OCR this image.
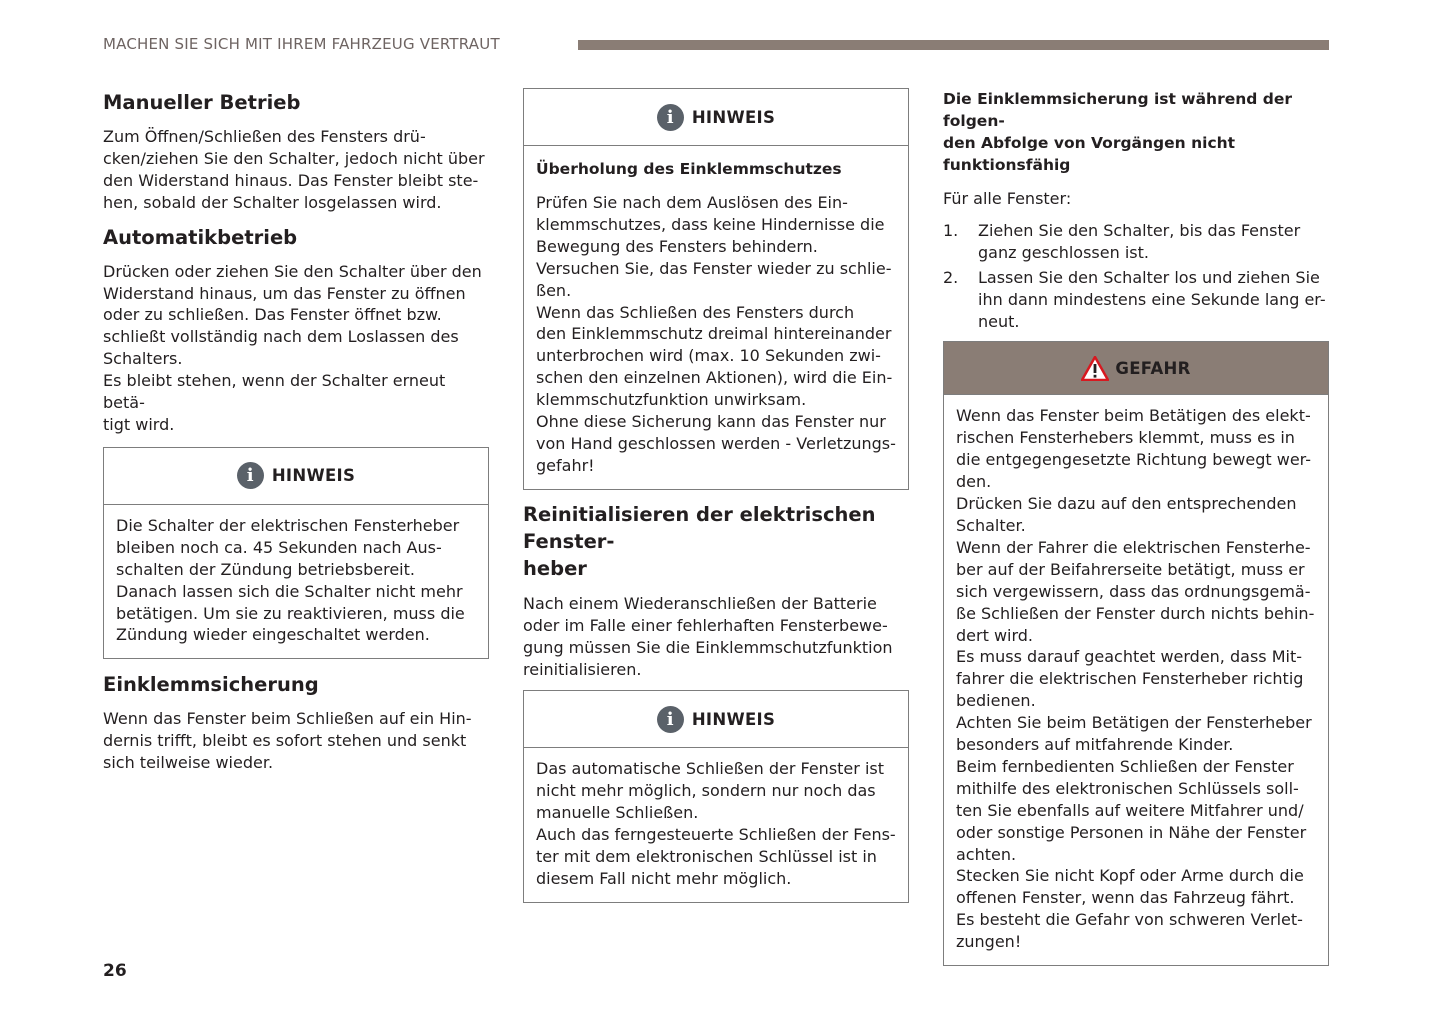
MACHEN SIE SICH MIT IHREM FAHRZEUG VERTRAUT
Manueller Betrieb

Zum Öffnen/Schließen des Fensters drü-
cken/ziehen Sie den Schalter, jedoch nicht über
den Widerstand hinaus. Das Fenster bleibt ste-
hen, sobald der Schalter losgelassen wird.

Automatikbetrieb

Drücken oder ziehen Sie den Schalter über den
Widerstand hinaus, um das Fenster zu öffnen
oder zu schließen. Das Fenster öffnet bzw.
schließt vollständig nach dem Loslassen des
Schalters.
Es bleibt stehen, wenn der Schalter erneut betä-
tigt wird.

i	HINWEIS

Die Schalter der elektrischen Fensterheber
bleiben noch ca. 45 Sekunden nach Aus-
schalten der Zündung betriebsbereit.
Danach lassen sich die Schalter nicht mehr
betätigen. Um sie zu reaktivieren, muss die
Zündung wieder eingeschaltet werden.

Einklemmsicherung

Wenn das Fenster beim Schließen auf ein Hin-
dernis trifft, bleibt es sofort stehen und senkt
sich teilweise wieder.

i	HINWEIS
Überholung des Einklemmschutzes

Prüfen Sie nach dem Auslösen des Ein-
klemmschutzes, dass keine Hindernisse die
Bewegung des Fensters behindern.
Versuchen Sie, das Fenster wieder zu schlie-
ßen.
Wenn das Schließen des Fensters durch
den Einklemmschutz dreimal hintereinander
unterbrochen wird (max. 10 Sekunden zwi-
schen den einzelnen Aktionen), wird die Ein-
klemmschutzfunktion unwirksam.
Ohne diese Sicherung kann das Fenster nur
von Hand geschlossen werden - Verletzungs-
gefahr!

Reinitialisieren der elektrischen Fenster-
heber

Nach einem Wiederanschließen der Batterie
oder im Falle einer fehlerhaften Fensterbewe-
gung müssen Sie die Einklemmschutzfunktion
reinitialisieren.

i	HINWEIS

Das automatische Schließen der Fenster ist
nicht mehr möglich, sondern nur noch das
manuelle Schließen.
Auch das ferngesteuerte Schließen der Fens-
ter mit dem elektronischen Schlüssel ist in
diesem Fall nicht mehr möglich.

Die Einklemmsicherung ist während der folgen-
den Abfolge von Vorgängen nicht funktionsfähig

Für alle Fenster:

1.	Ziehen Sie den Schalter, bis das Fenster
ganz geschlossen ist.
2.	Lassen Sie den Schalter los und ziehen Sie
ihn dann mindestens eine Sekunde lang er-
neut.
GEFAHR

Wenn das Fenster beim Betätigen des elekt-
rischen Fensterhebers klemmt, muss es in
die entgegengesetzte Richtung bewegt wer-
den.
Drücken Sie dazu auf den entsprechenden
Schalter.
Wenn der Fahrer die elektrischen Fensterhe-
ber auf der Beifahrerseite betätigt, muss er
sich vergewissern, dass das ordnungsgemä-
ße Schließen der Fenster durch nichts behin-
dert wird.
Es muss darauf geachtet werden, dass Mit-
fahrer die elektrischen Fensterheber richtig
bedienen.
Achten Sie beim Betätigen der Fensterheber
besonders auf mitfahrende Kinder.
Beim fernbedienten Schließen der Fenster
mithilfe des elektronischen Schlüssels soll-
ten Sie ebenfalls auf weitere Mitfahrer und/
oder sonstige Personen in Nähe der Fenster
achten.
Stecken Sie nicht Kopf oder Arme durch die
offenen Fenster, wenn das Fahrzeug fährt.
Es besteht die Gefahr von schweren Verlet-
zungen!

26
